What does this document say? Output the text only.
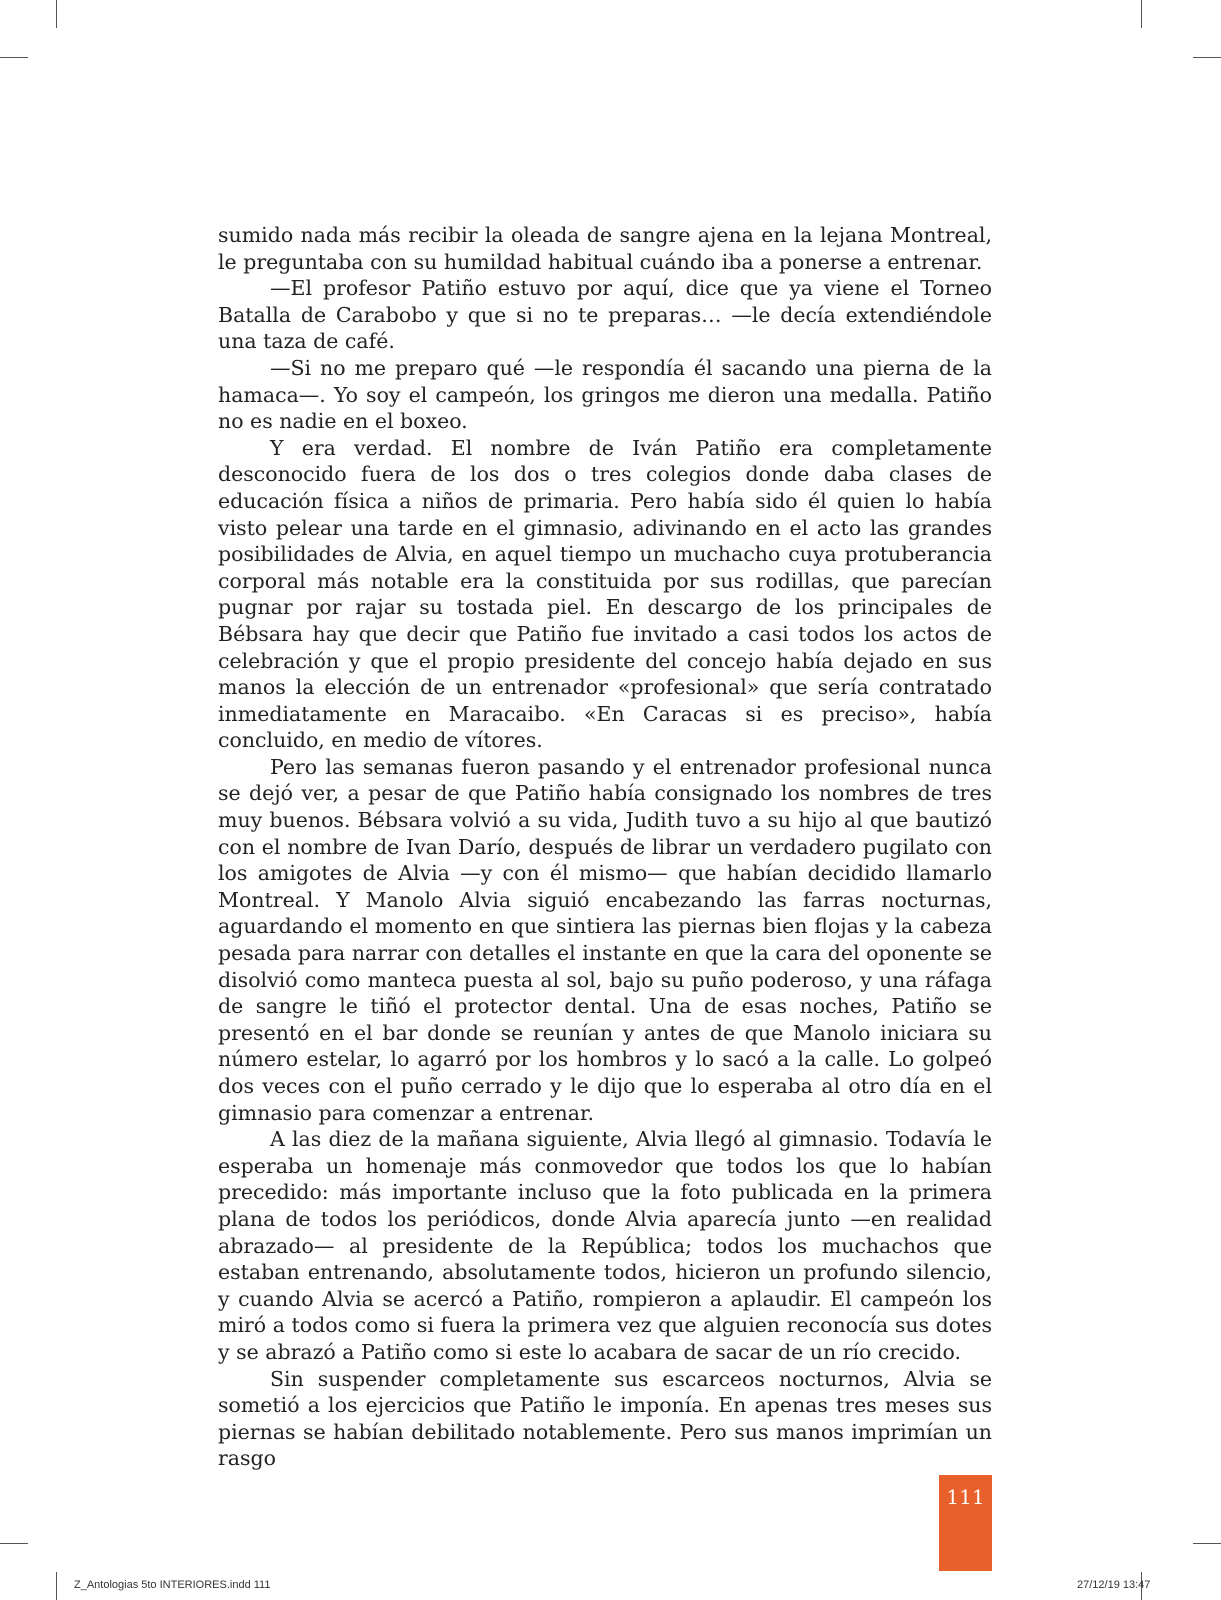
sumido nada más recibir la oleada de sangre ajena en la lejana Montreal, le preguntaba con su humildad habitual cuándo iba a ponerse a entrenar.

—El profesor Patiño estuvo por aquí, dice que ya viene el Torneo Batalla de Carabobo y que si no te preparas… —le decía extendiéndole una taza de café.

—Si no me preparo qué —le respondía él sacando una pierna de la hamaca—. Yo soy el campeón, los gringos me dieron una medalla. Patiño no es nadie en el boxeo.

Y era verdad. El nombre de Iván Patiño era completamente desconocido fuera de los dos o tres colegios donde daba clases de educación física a niños de primaria. Pero había sido él quien lo había visto pelear una tarde en el gimnasio, adivinando en el acto las grandes posibilidades de Alvia, en aquel tiempo un muchacho cuya protuberancia corporal más notable era la constituida por sus rodillas, que parecían pugnar por rajar su tostada piel. En descargo de los principales de Bébsara hay que decir que Patiño fue invitado a casi todos los actos de celebración y que el propio presidente del concejo había dejado en sus manos la elección de un entrenador «profesional» que sería contratado inmediatamente en Maracaibo. «En Caracas si es preciso», había concluido, en medio de vítores.

Pero las semanas fueron pasando y el entrenador profesional nunca se dejó ver, a pesar de que Patiño había consignado los nombres de tres muy buenos. Bébsara volvió a su vida, Judith tuvo a su hijo al que bautizó con el nombre de Ivan Darío, después de librar un verdadero pugilato con los amigotes de Alvia —y con él mismo— que habían decidido llamarlo Montreal. Y Manolo Alvia siguió encabezando las farras nocturnas, aguardando el momento en que sintiera las piernas bien flojas y la cabeza pesada para narrar con detalles el instante en que la cara del oponente se disolvió como manteca puesta al sol, bajo su puño poderoso, y una ráfaga de sangre le tiñó el protector dental. Una de esas noches, Patiño se presentó en el bar donde se reunían y antes de que Manolo iniciara su número estelar, lo agarró por los hombros y lo sacó a la calle. Lo golpeó dos veces con el puño cerrado y le dijo que lo esperaba al otro día en el gimnasio para comenzar a entrenar.

A las diez de la mañana siguiente, Alvia llegó al gimnasio. Todavía le esperaba un homenaje más conmovedor que todos los que lo habían precedido: más importante incluso que la foto publicada en la primera plana de todos los periódicos, donde Alvia aparecía junto —en realidad abrazado— al presidente de la República; todos los muchachos que estaban entrenando, absolutamente todos, hicieron un profundo silencio, y cuando Alvia se acercó a Patiño, rompieron a aplaudir. El campeón los miró a todos como si fuera la primera vez que alguien reconocía sus dotes y se abrazó a Patiño como si este lo acabara de sacar de un río crecido.

Sin suspender completamente sus escarceos nocturnos, Alvia se sometió a los ejercicios que Patiño le imponía. En apenas tres meses sus piernas se habían debilitado notablemente. Pero sus manos imprimían un rasgo

111
Z_Antologias 5to INTERIORES.indd 111	27/12/19 13:47
